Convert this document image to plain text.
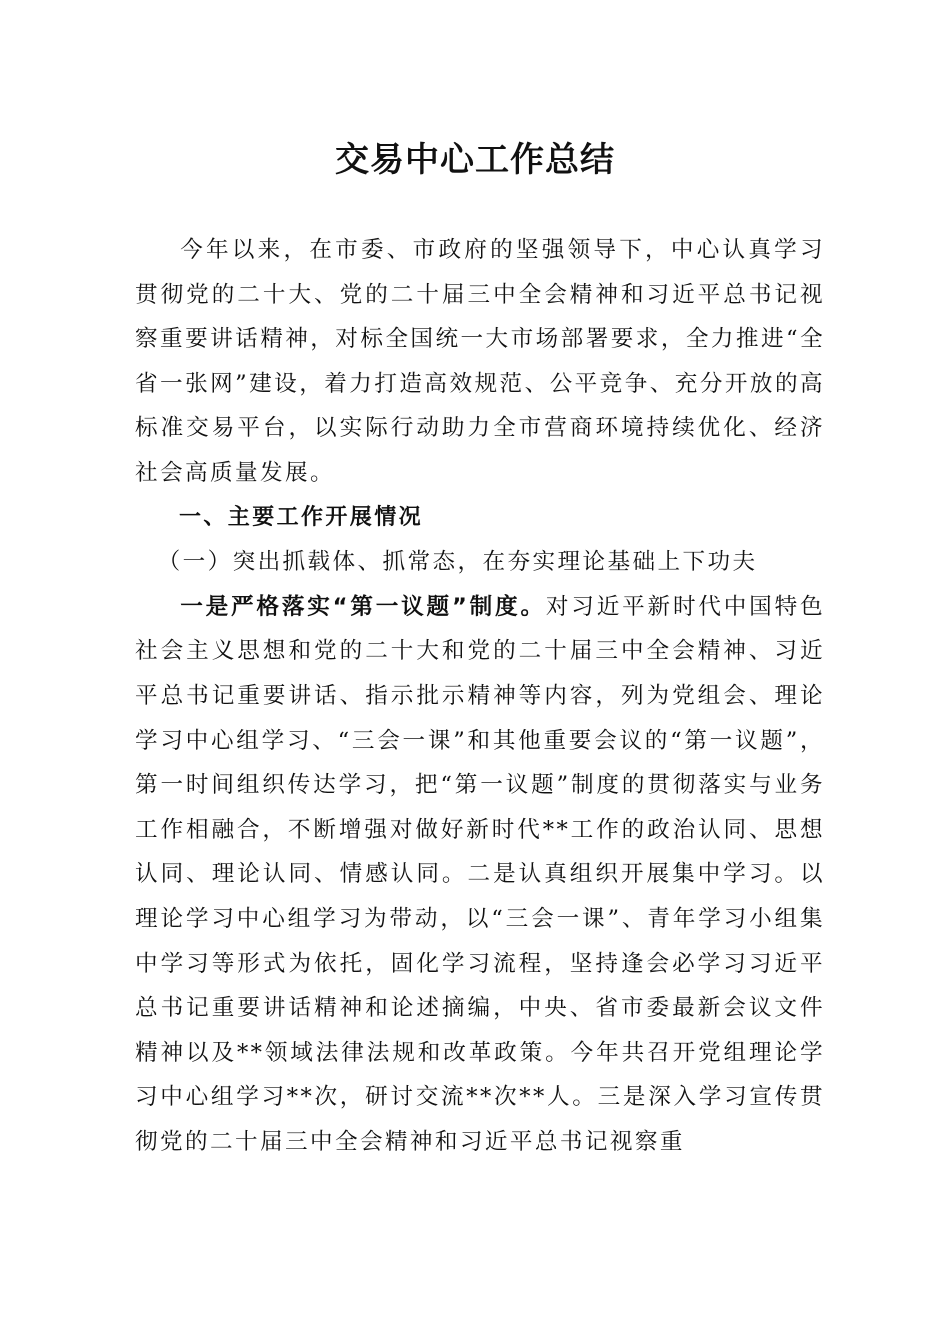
交易中心工作总结

今年以来，在市委、市政府的坚强领导下，中心认真学习贯彻党的二十大、党的二十届三中全会精神和习近平总书记视察重要讲话精神，对标全国统一大市场部署要求，全力推进“全省一张网”建设，着力打造高效规范、公平竞争、充分开放的高标准交易平台，以实际行动助力全市营商环境持续优化、经济社会高质量发展。

一、主要工作开展情况

（一）突出抓载体、抓常态，在夯实理论基础上下功夫

一是严格落实“第一议题”制度。对习近平新时代中国特色社会主义思想和党的二十大和党的二十届三中全会精神、习近平总书记重要讲话、指示批示精神等内容，列为党组会、理论学习中心组学习、“三会一课”和其他重要会议的“第一议题”，第一时间组织传达学习，把“第一议题”制度的贯彻落实与业务工作相融合，不断增强对做好新时代**工作的政治认同、思想认同、理论认同、情感认同。二是认真组织开展集中学习。以理论学习中心组学习为带动，以“三会一课”、青年学习小组集中学习等形式为依托，固化学习流程，坚持逢会必学习习近平总书记重要讲话精神和论述摘编，中央、省市委最新会议文件精神以及**领域法律法规和改革政策。今年共召开党组理论学习中心组学习**次，研讨交流**次**人。三是深入学习宣传贯彻党的二十届三中全会精神和习近平总书记视察重
